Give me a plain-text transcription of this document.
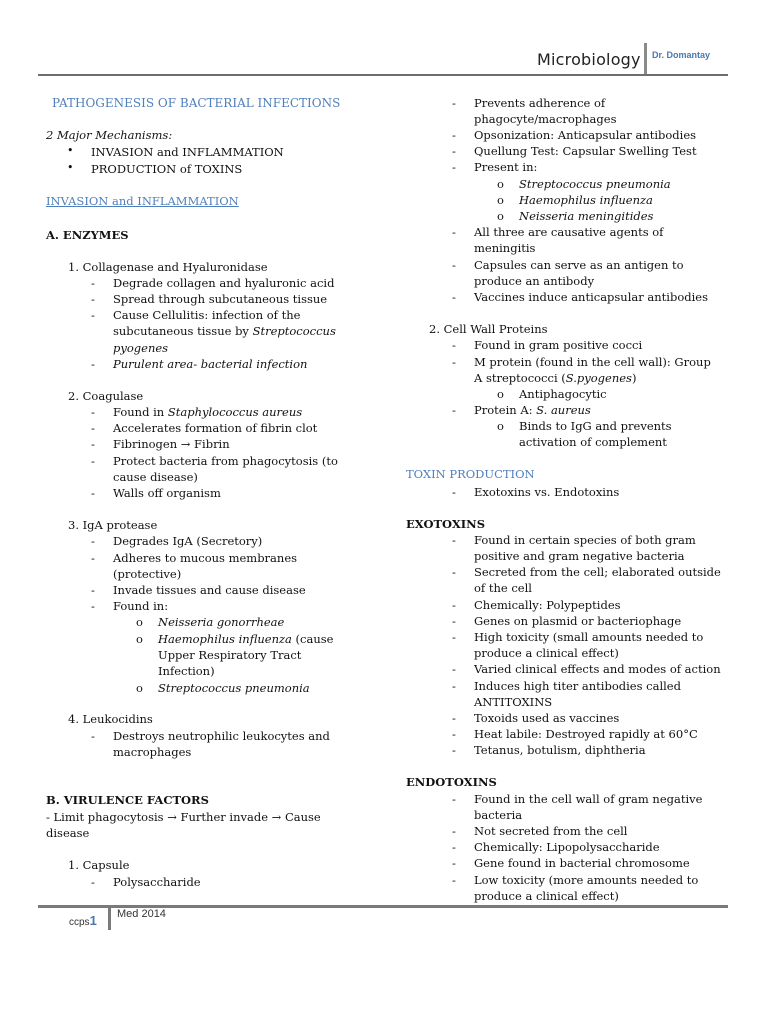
Microbiology Dr. Domantay
PATHOGENESIS OF BACTERIAL INFECTIONS
2 Major Mechanisms:
• INVASION and INFLAMMATION
• PRODUCTION of TOXINS
INVASION and INFLAMMATION
A. ENZYMES
1. Collagenase and Hyaluronidase
- Degrade collagen and hyaluronic acid
- Spread through subcutaneous tissue
- Cause Cellulitis: infection of the
subcutaneous tissue by Streptococcus
pyogenes
- Purulent area- bacterial infection
2. Coagulase
- Found in Staphylococcus aureus
- Accelerates formation of fibrin clot
- Fibrinogen → Fibrin
- Protect bacteria from phagocytosis (to
cause disease)
- Walls off organism
3. IgA protease
- Degrades IgA (Secretory)
- Adheres to mucous membranes
(protective)
- Invade tissues and cause disease
- Found in:
o Neisseria gonorrheae
o Haemophilus influenza (cause
Upper Respiratory Tract
Infection)
o Streptococcus pneumonia
4. Leukocidins
- Destroys neutrophilic leukocytes and
macrophages
B. VIRULENCE FACTORS
- Limit phagocytosis → Further invade → Cause
disease
1. Capsule
- Polysaccharide
- Prevents adherence of
phagocyte/macrophages
- Opsonization: Anticapsular antibodies
- Quellung Test: Capsular Swelling Test
- Present in:
o Streptococcus pneumonia
o Haemophilus influenza
o Neisseria meningitides
- All three are causative agents of
meningitis
- Capsules can serve as an antigen to
produce an antibody
- Vaccines induce anticapsular antibodies
2. Cell Wall Proteins
- Found in gram positive cocci
- M protein (found in the cell wall): Group
A streptococci (S.pyogenes)
o Antiphagocytic
- Protein A: S. aureus
o Binds to IgG and prevents
activation of complement
TOXIN PRODUCTION
- Exotoxins vs. Endotoxins
EXOTOXINS
- Found in certain species of both gram
positive and gram negative bacteria
- Secreted from the cell; elaborated outside
of the cell
- Chemically: Polypeptides
- Genes on plasmid or bacteriophage
- High toxicity (small amounts needed to
produce a clinical effect)
- Varied clinical effects and modes of action
- Induces high titer antibodies called
ANTITOXINS
- Toxoids used as vaccines
- Heat labile: Destroyed rapidly at 60°C
- Tetanus, botulism, diphtheria
ENDOTOXINS
- Found in the cell wall of gram negative
bacteria
- Not secreted from the cell
- Chemically: Lipopolysaccharide
- Gene found in bacterial chromosome
- Low toxicity (more amounts needed to
produce a clinical effect)
ccps1 Med 2014
